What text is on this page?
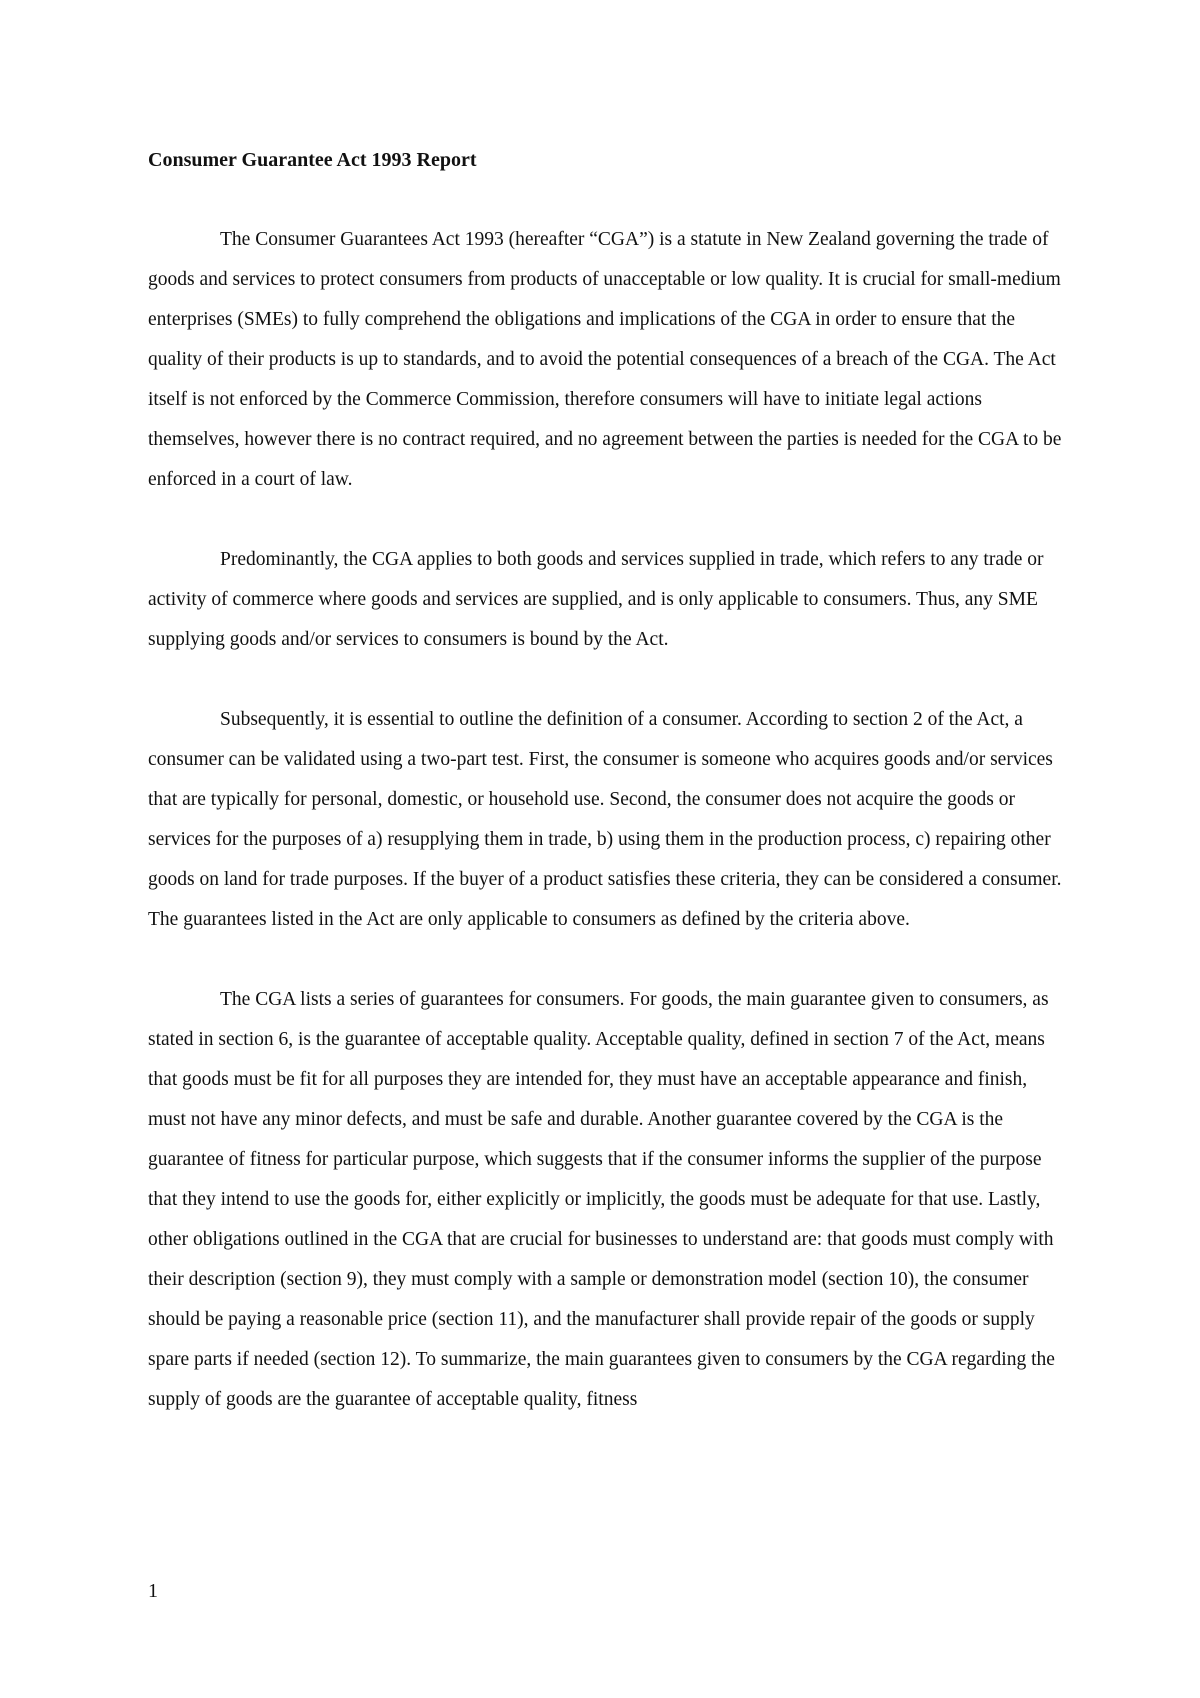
Consumer Guarantee Act 1993 Report

The Consumer Guarantees Act 1993 (hereafter “CGA”) is a statute in New Zealand governing the trade of goods and services to protect consumers from products of unacceptable or low quality. It is crucial for small-medium enterprises (SMEs) to fully comprehend the obligations and implications of the CGA in order to ensure that the quality of their products is up to standards, and to avoid the potential consequences of a breach of the CGA. The Act itself is not enforced by the Commerce Commission, therefore consumers will have to initiate legal actions themselves, however there is no contract required, and no agreement between the parties is needed for the CGA to be enforced in a court of law.

Predominantly, the CGA applies to both goods and services supplied in trade, which refers to any trade or activity of commerce where goods and services are supplied, and is only applicable to consumers. Thus, any SME supplying goods and/or services to consumers is bound by the Act.

Subsequently, it is essential to outline the definition of a consumer. According to section 2 of the Act, a consumer can be validated using a two-part test. First, the consumer is someone who acquires goods and/or services that are typically for personal, domestic, or household use. Second, the consumer does not acquire the goods or services for the purposes of a) resupplying them in trade, b) using them in the production process, c) repairing other goods on land for trade purposes. If the buyer of a product satisfies these criteria, they can be considered a consumer. The guarantees listed in the Act are only applicable to consumers as defined by the criteria above.

The CGA lists a series of guarantees for consumers. For goods, the main guarantee given to consumers, as stated in section 6, is the guarantee of acceptable quality. Acceptable quality, defined in section 7 of the Act, means that goods must be fit for all purposes they are intended for, they must have an acceptable appearance and finish, must not have any minor defects, and must be safe and durable. Another guarantee covered by the CGA is the guarantee of fitness for particular purpose, which suggests that if the consumer informs the supplier of the purpose that they intend to use the goods for, either explicitly or implicitly, the goods must be adequate for that use. Lastly, other obligations outlined in the CGA that are crucial for businesses to understand are: that goods must comply with their description (section 9), they must comply with a sample or demonstration model (section 10), the consumer should be paying a reasonable price (section 11), and the manufacturer shall provide repair of the goods or supply spare parts if needed (section 12). To summarize, the main guarantees given to consumers by the CGA regarding the supply of goods are the guarantee of acceptable quality, fitness

1
